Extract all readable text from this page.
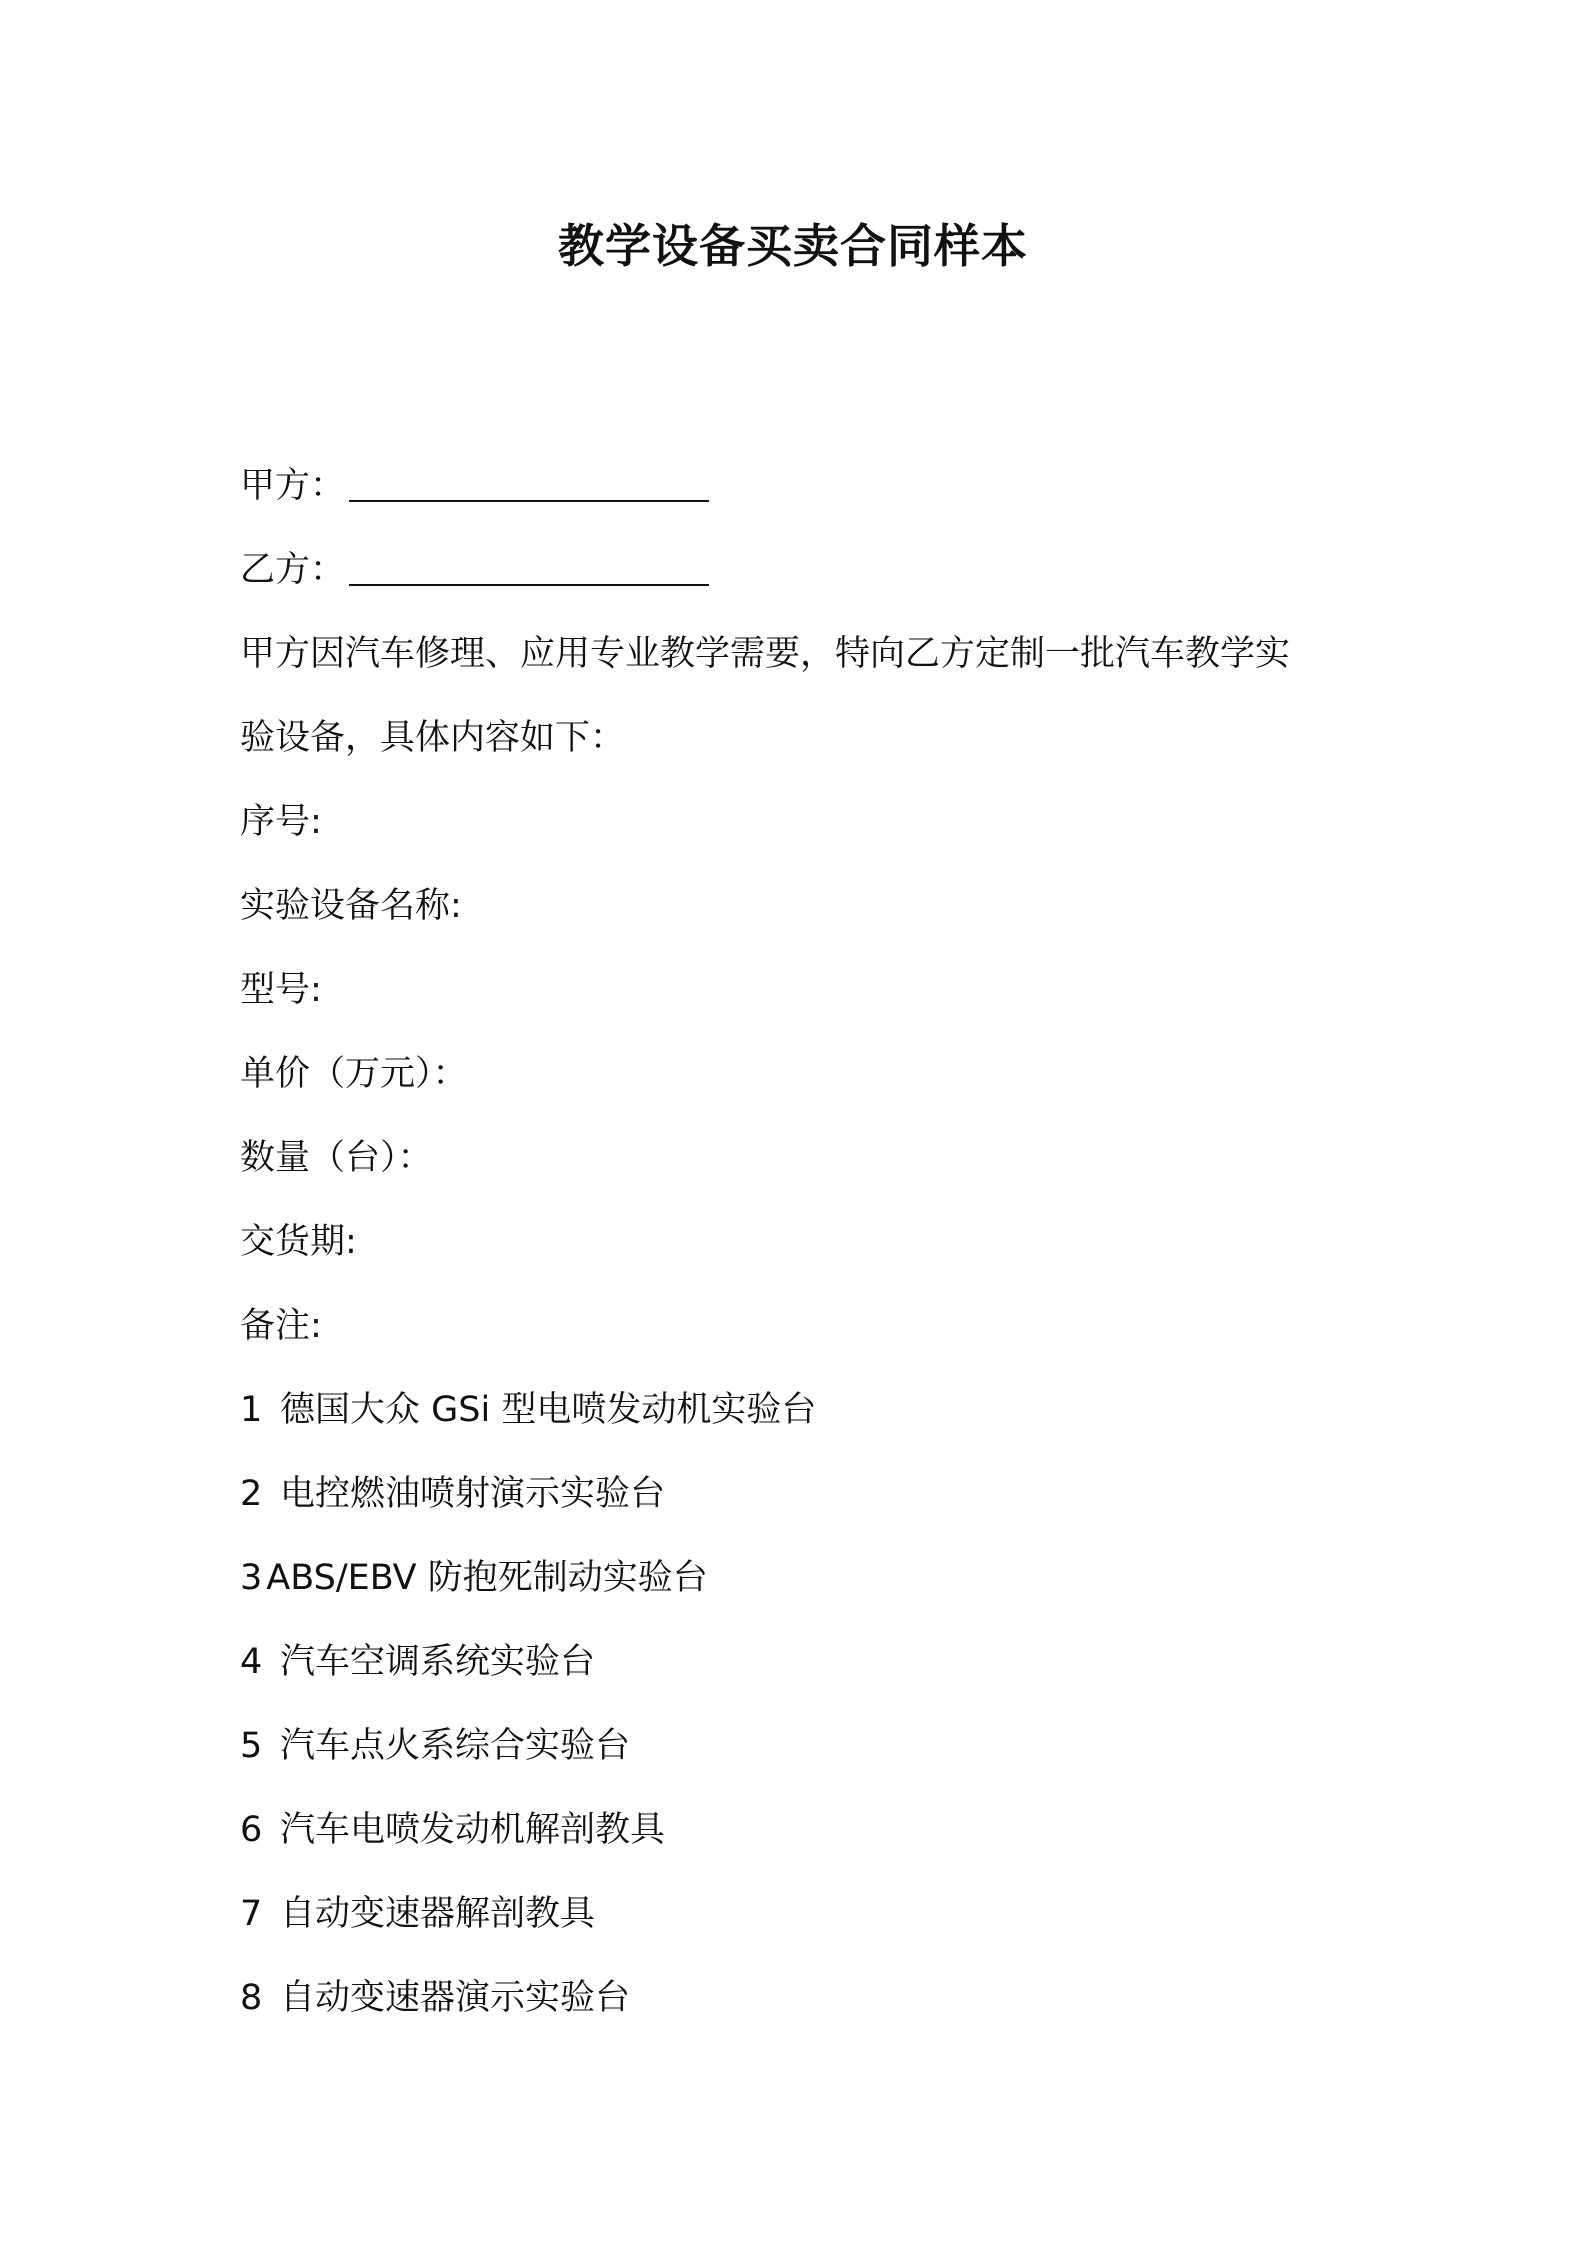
教学设备买卖合同样本
甲方：
乙方：
甲方因汽车修理、应用专业教学需要，特向乙方定制一批汽车教学实
验设备，具体内容如下：
序号:
实验设备名称:
型号:
单价（万元）：
数量（台）：
交货期:
备注:
1 德国大众 GSi 型电喷发动机实验台
2 电控燃油喷射演示实验台
3 ABS/EBV 防抱死制动实验台
4 汽车空调系统实验台
5 汽车点火系综合实验台
6 汽车电喷发动机解剖教具
7 自动变速器解剖教具
8 自动变速器演示实验台
